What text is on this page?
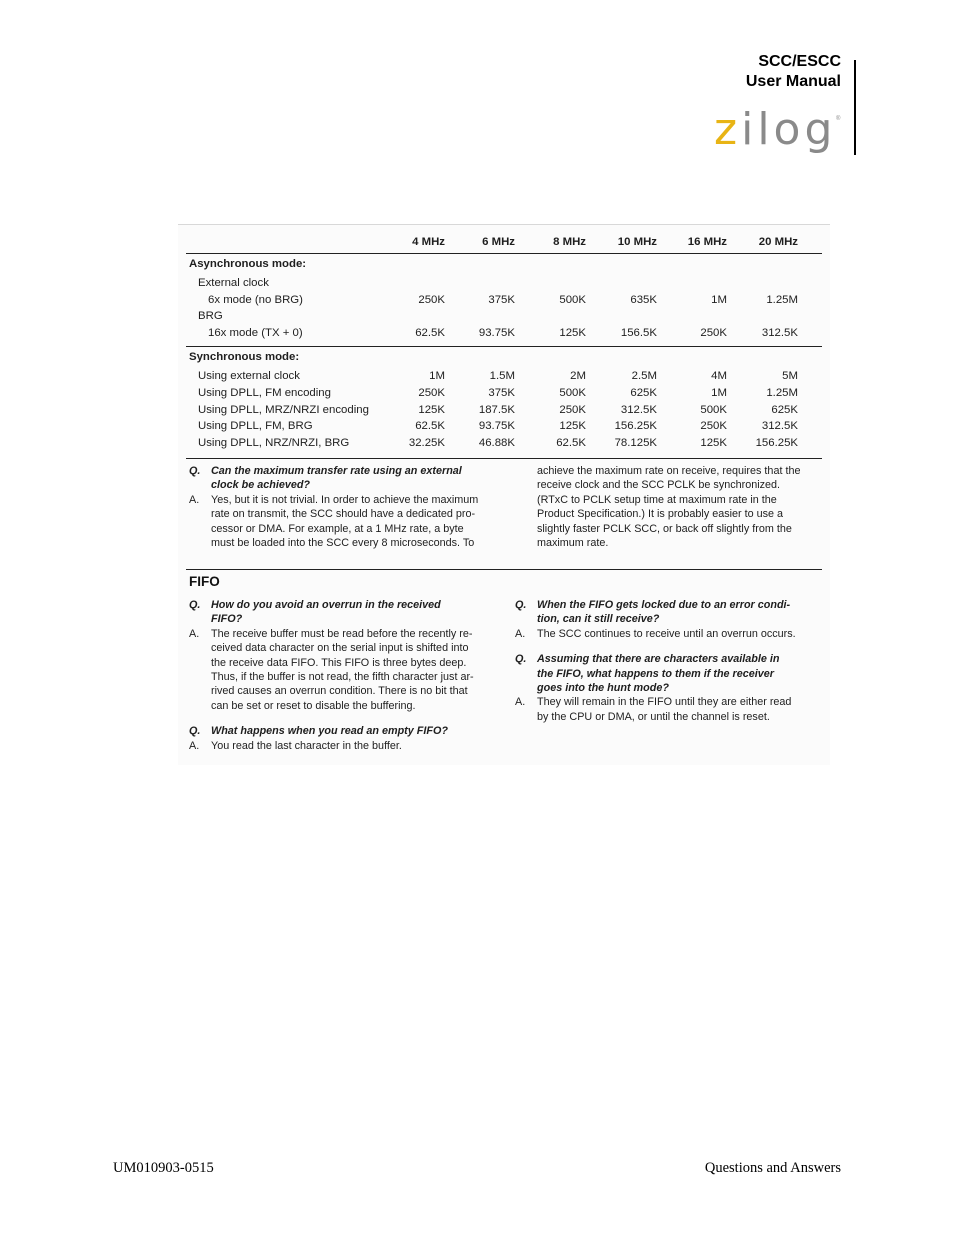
SCC/ESCC
User Manual
zilog ®
4 MHz	6 MHz	8 MHz	10 MHz	16 MHz	20 MHz
Asynchronous mode:
External clock
6x mode (no BRG)	250K	375K	500K	635K	1M	1.25M
BRG
16x mode (TX + 0)	62.5K	93.75K	125K	156.5K	250K	312.5K
Synchronous mode:
Using external clock	1M	1.5M	2M	2.5M	4M	5M
Using DPLL, FM encoding	250K	375K	500K	625K	1M	1.25M
Using DPLL, MRZ/NRZI encoding	125K	187.5K	250K	312.5K	500K	625K
Using DPLL, FM, BRG	62.5K	93.75K	125K	156.25K	250K	312.5K
Using DPLL, NRZ/NRZI, BRG	32.25K	46.88K	62.5K	78.125K	125K	156.25K
Q. Can the maximum transfer rate using an external
clock be achieved?
A. Yes, but it is not trivial. In order to achieve the maximum
rate on transmit, the SCC should have a dedicated pro-
cessor or DMA. For example, at a 1 MHz rate, a byte
must be loaded into the SCC every 8 microseconds. To
achieve the maximum rate on receive, requires that the
receive clock and the SCC PCLK be synchronized.
(RTxC to PCLK setup time at maximum rate in the
Product Specification.) It is probably easier to use a
slightly faster PCLK SCC, or back off slightly from the
maximum rate.
FIFO
Q. How do you avoid an overrun in the received
FIFO?
A. The receive buffer must be read before the recently re-
ceived data character on the serial input is shifted into
the receive data FIFO. This FIFO is three bytes deep.
Thus, if the buffer is not read, the fifth character just ar-
rived causes an overrun condition. There is no bit that
can be set or reset to disable the buffering.
Q. What happens when you read an empty FIFO?
A. You read the last character in the buffer.
Q. When the FIFO gets locked due to an error condi-
tion, can it still receive?
A. The SCC continues to receive until an overrun occurs.
Q. Assuming that there are characters available in
the FIFO, what happens to them if the receiver
goes into the hunt mode?
A. They will remain in the FIFO until they are either read
by the CPU or DMA, or until the channel is reset.
UM010903-0515	Questions and Answers
